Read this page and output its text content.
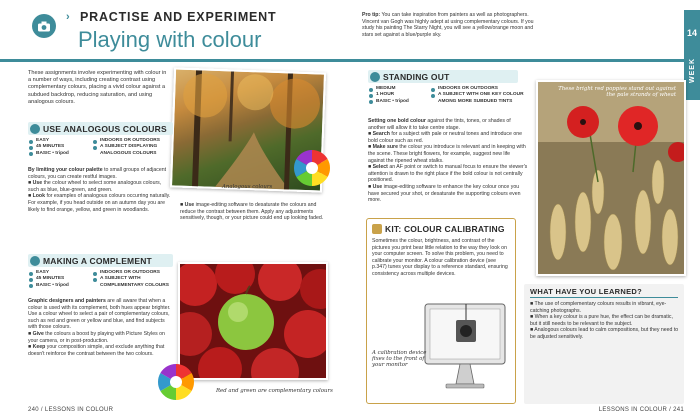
› PRACTISE AND EXPERIMENT
Playing with colour	14
WEEK
Pro tip: You can take inspiration from painters as well as photographers. Vincent van Gogh was highly adept at using complementary colours. If you study his painting The Starry Night, you will see a yellow/orange moon and stars set against a blue/purple sky.
These assignments involve experimenting with colour in a number of ways, including creating contrast using complementary colours, placing a vivid colour against a subdued backdrop, reducing saturation, and using analogous colours.
Analogous colours
USE ANALOGOUS COLOURS
EASY
45 MINUTES
BASIC • tripod
INDOORS OR OUTDOORS
A SUBJECT DISPLAYING ANALOGOUS COLOURS
By limiting your colour palette to small groups of adjacent colours, you can create restful images.
■ Use the colour wheel to select some analogous colours, such as blue, blue-green, and green.
■ Look for examples of analogous colours occurring naturally. For example, if you head outside on an autumn day you are likely to find orange, yellow, and green in woodlands.
■ Use image-editing software to desaturate the colours and reduce the contrast between them. Apply any adjustments sensitively, though, or your picture could end up looking faded.
MAKING A COMPLEMENT
EASY
45 MINUTES
BASIC • tripod
INDOORS OR OUTDOORS
A SUBJECT WITH COMPLEMENTARY COLOURS
Graphic designers and painters are all aware that when a colour is used with its complement, both hues appear brighter. Use a colour wheel to select a pair of complementary colours, such as red and green or yellow and blue, and find subjects with those colours.
■ Give the colours a boost by playing with Picture Styles on your camera, or in post-production.
■ Keep your composition simple, and exclude anything that doesn't reinforce the contrast between the two colours.
Red and green are complementary colours
STANDING OUT
MEDIUM
1 HOUR
BASIC • tripod
INDOORS OR OUTDOORS
A SUBJECT WITH ONE KEY COLOUR AMONG MORE SUBDUED TINTS
Setting one bold colour against the tints, tones, or shades of another will allow it to take centre stage.
■ Search for a subject with pale or neutral tones and introduce one bold colour such as red.
■ Make sure the colour you introduce is relevant and in keeping with the scene. These bright flowers, for example, suggest new life against the ripened wheat stalks.
■ Select an AF point or switch to manual focus to ensure the viewer's attention is drawn to the right place if the bold colour is not centrally positioned.
■ Use image-editing software to enhance the key colour once you have secured your shot, or desaturate the supporting colours even more.
These bright red poppies stand out against the pale strands of wheat
KIT: COLOUR CALIBRATING
Sometimes the colour, brightness, and contrast of the pictures you print bear little relation to the way they look on your computer screen. To solve this problem, you need to calibrate your monitor. A colour calibration device (see p.347) tunes your display to a reference standard, ensuring consistency across multiple devices.
A calibration device fixes to the front of your monitor
WHAT HAVE YOU LEARNED?
■ The use of complementary colours results in vibrant, eye-catching photographs.
■ When a key colour is a pure hue, the effect can be dramatic, but it still needs to be relevant to the subject.
■ Analogous colours lead to calm compositions, but they need to be adjusted sensitively.
240 / LESSONS IN COLOUR	LESSONS IN COLOUR / 241
